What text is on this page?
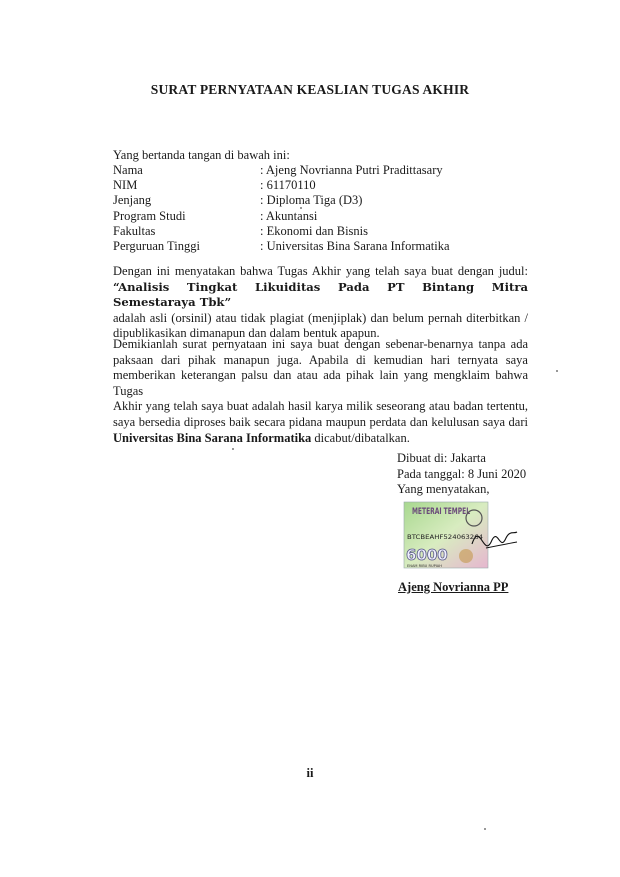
SURAT PERNYATAAN KEASLIAN TUGAS AKHIR
Yang bertanda tangan di bawah ini:
Nama	: Ajeng Novrianna Putri Pradittasary
NIM	: 61170110
Jenjang	: Diploma Tiga (D3)
Program Studi	: Akuntansi
Fakultas	: Ekonomi dan Bisnis
Perguruan Tinggi	: Universitas Bina Sarana Informatika
Dengan ini menyatakan bahwa Tugas Akhir yang telah saya buat dengan judul:
“Analisis Tingkat Likuiditas Pada PT Bintang Mitra Semestaraya Tbk”
adalah asli (orsinil) atau tidak plagiat (menjiplak) dan belum pernah diterbitkan /
dipublikasikan dimanapun dan dalam bentuk apapun.
Demikianlah surat pernyataan ini saya buat dengan sebenar-benarnya tanpa ada
paksaan dari pihak manapun juga. Apabila di kemudian hari ternyata saya
memberikan keterangan palsu dan atau ada pihak lain yang mengklaim bahwa Tugas
Akhir yang telah saya buat adalah hasil karya milik seseorang atau badan tertentu,
saya bersedia diproses baik secara pidana maupun perdata dan kelulusan saya dari
Universitas Bina Sarana Informatika dicabut/dibatalkan.
Dibuat di: Jakarta
Pada tanggal: 8 Juni 2020
Yang menyatakan,
METERAI TEMPEL
BTCBEAHF524063264
6000
ENAM RIBU RUPIAH
Ajeng Novrianna PP
ii
